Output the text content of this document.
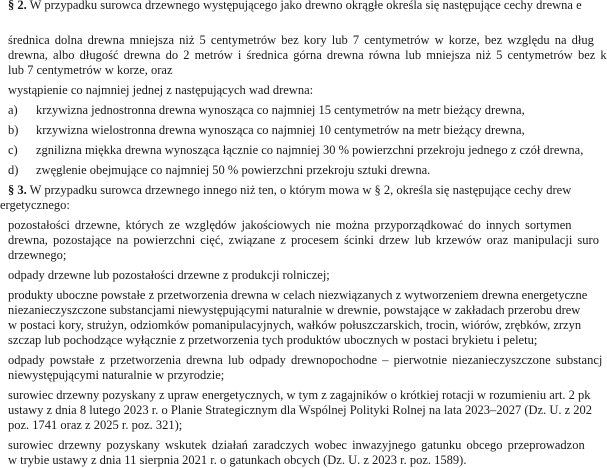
§ 2. W przypadku surowca drzewnego występującego jako drewno okrągłe określa się następujące cechy drewna e
średnica dolna drewna mniejsza niż 5 centymetrów bez kory lub 7 centymetrów w korze, bez względu na dług
drewna, albo długość drewna do 2 metrów i średnica górna drewna równa lub mniejsza niż 5 centymetrów bez k
lub 7 centymetrów w korze, oraz
wystąpienie co najmniej jednej z następujących wad drewna:
a) krzywizna jednostronna drewna wynosząca co najmniej 15 centymetrów na metr bieżący drewna,
b) krzywizna wielostronna drewna wynosząca co najmniej 10 centymetrów na metr bieżący drewna,
c) zgnilizna miękka drewna wynosząca łącznie co najmniej 30 % powierzchni przekroju jednego z czół drewna,
d) zwęglenie obejmujące co najmniej 50 % powierzchni przekroju sztuki drewna.
§ 3. W przypadku surowca drzewnego innego niż ten, o którym mowa w § 2, określa się następujące cechy drew
ergetycznego:
pozostałości drzewne, których ze względów jakościowych nie można przyporządkować do innych sortymen
drewna, pozostające na powierzchni cięć, związane z procesem ścinki drzew lub krzewów oraz manipulacji suro
drzewnego;
odpady drzewne lub pozostałości drzewne z produkcji rolniczej;
produkty uboczne powstałe z przetworzenia drewna w celach niezwiązanych z wytworzeniem drewna energetyczne
niezanieczyszczone substancjami niewystępującymi naturalnie w drewnie, powstające w zakładach przerobu drew
w postaci kory, strużyn, odziomków pomanipulacyjnych, wałków połuszczarskich, trocin, wiórów, zrębków, zrzyn
szczap lub pochodzące wyłącznie z przetworzenia tych produktów ubocznych w postaci brykietu i peletu;
odpady powstałe z przetworzenia drewna lub odpady drewnopochodne – pierwotnie niezanieczyszczone substancj
niewystępującymi naturalnie w przyrodzie;
surowiec drzewny pozyskany z upraw energetycznych, w tym z zagajników o krótkiej rotacji w rozumieniu art. 2 pk
ustawy z dnia 8 lutego 2023 r. o Planie Strategicznym dla Wspólnej Polityki Rolnej na lata 2023–2027 (Dz. U. z 202
poz. 1741 oraz z 2025 r. poz. 321);
surowiec drzewny pozyskany wskutek działań zaradczych wobec inwazyjnego gatunku obcego przeprowadzon
w trybie ustawy z dnia 11 sierpnia 2021 r. o gatunkach obcych (Dz. U. z 2023 r. poz. 1589).
